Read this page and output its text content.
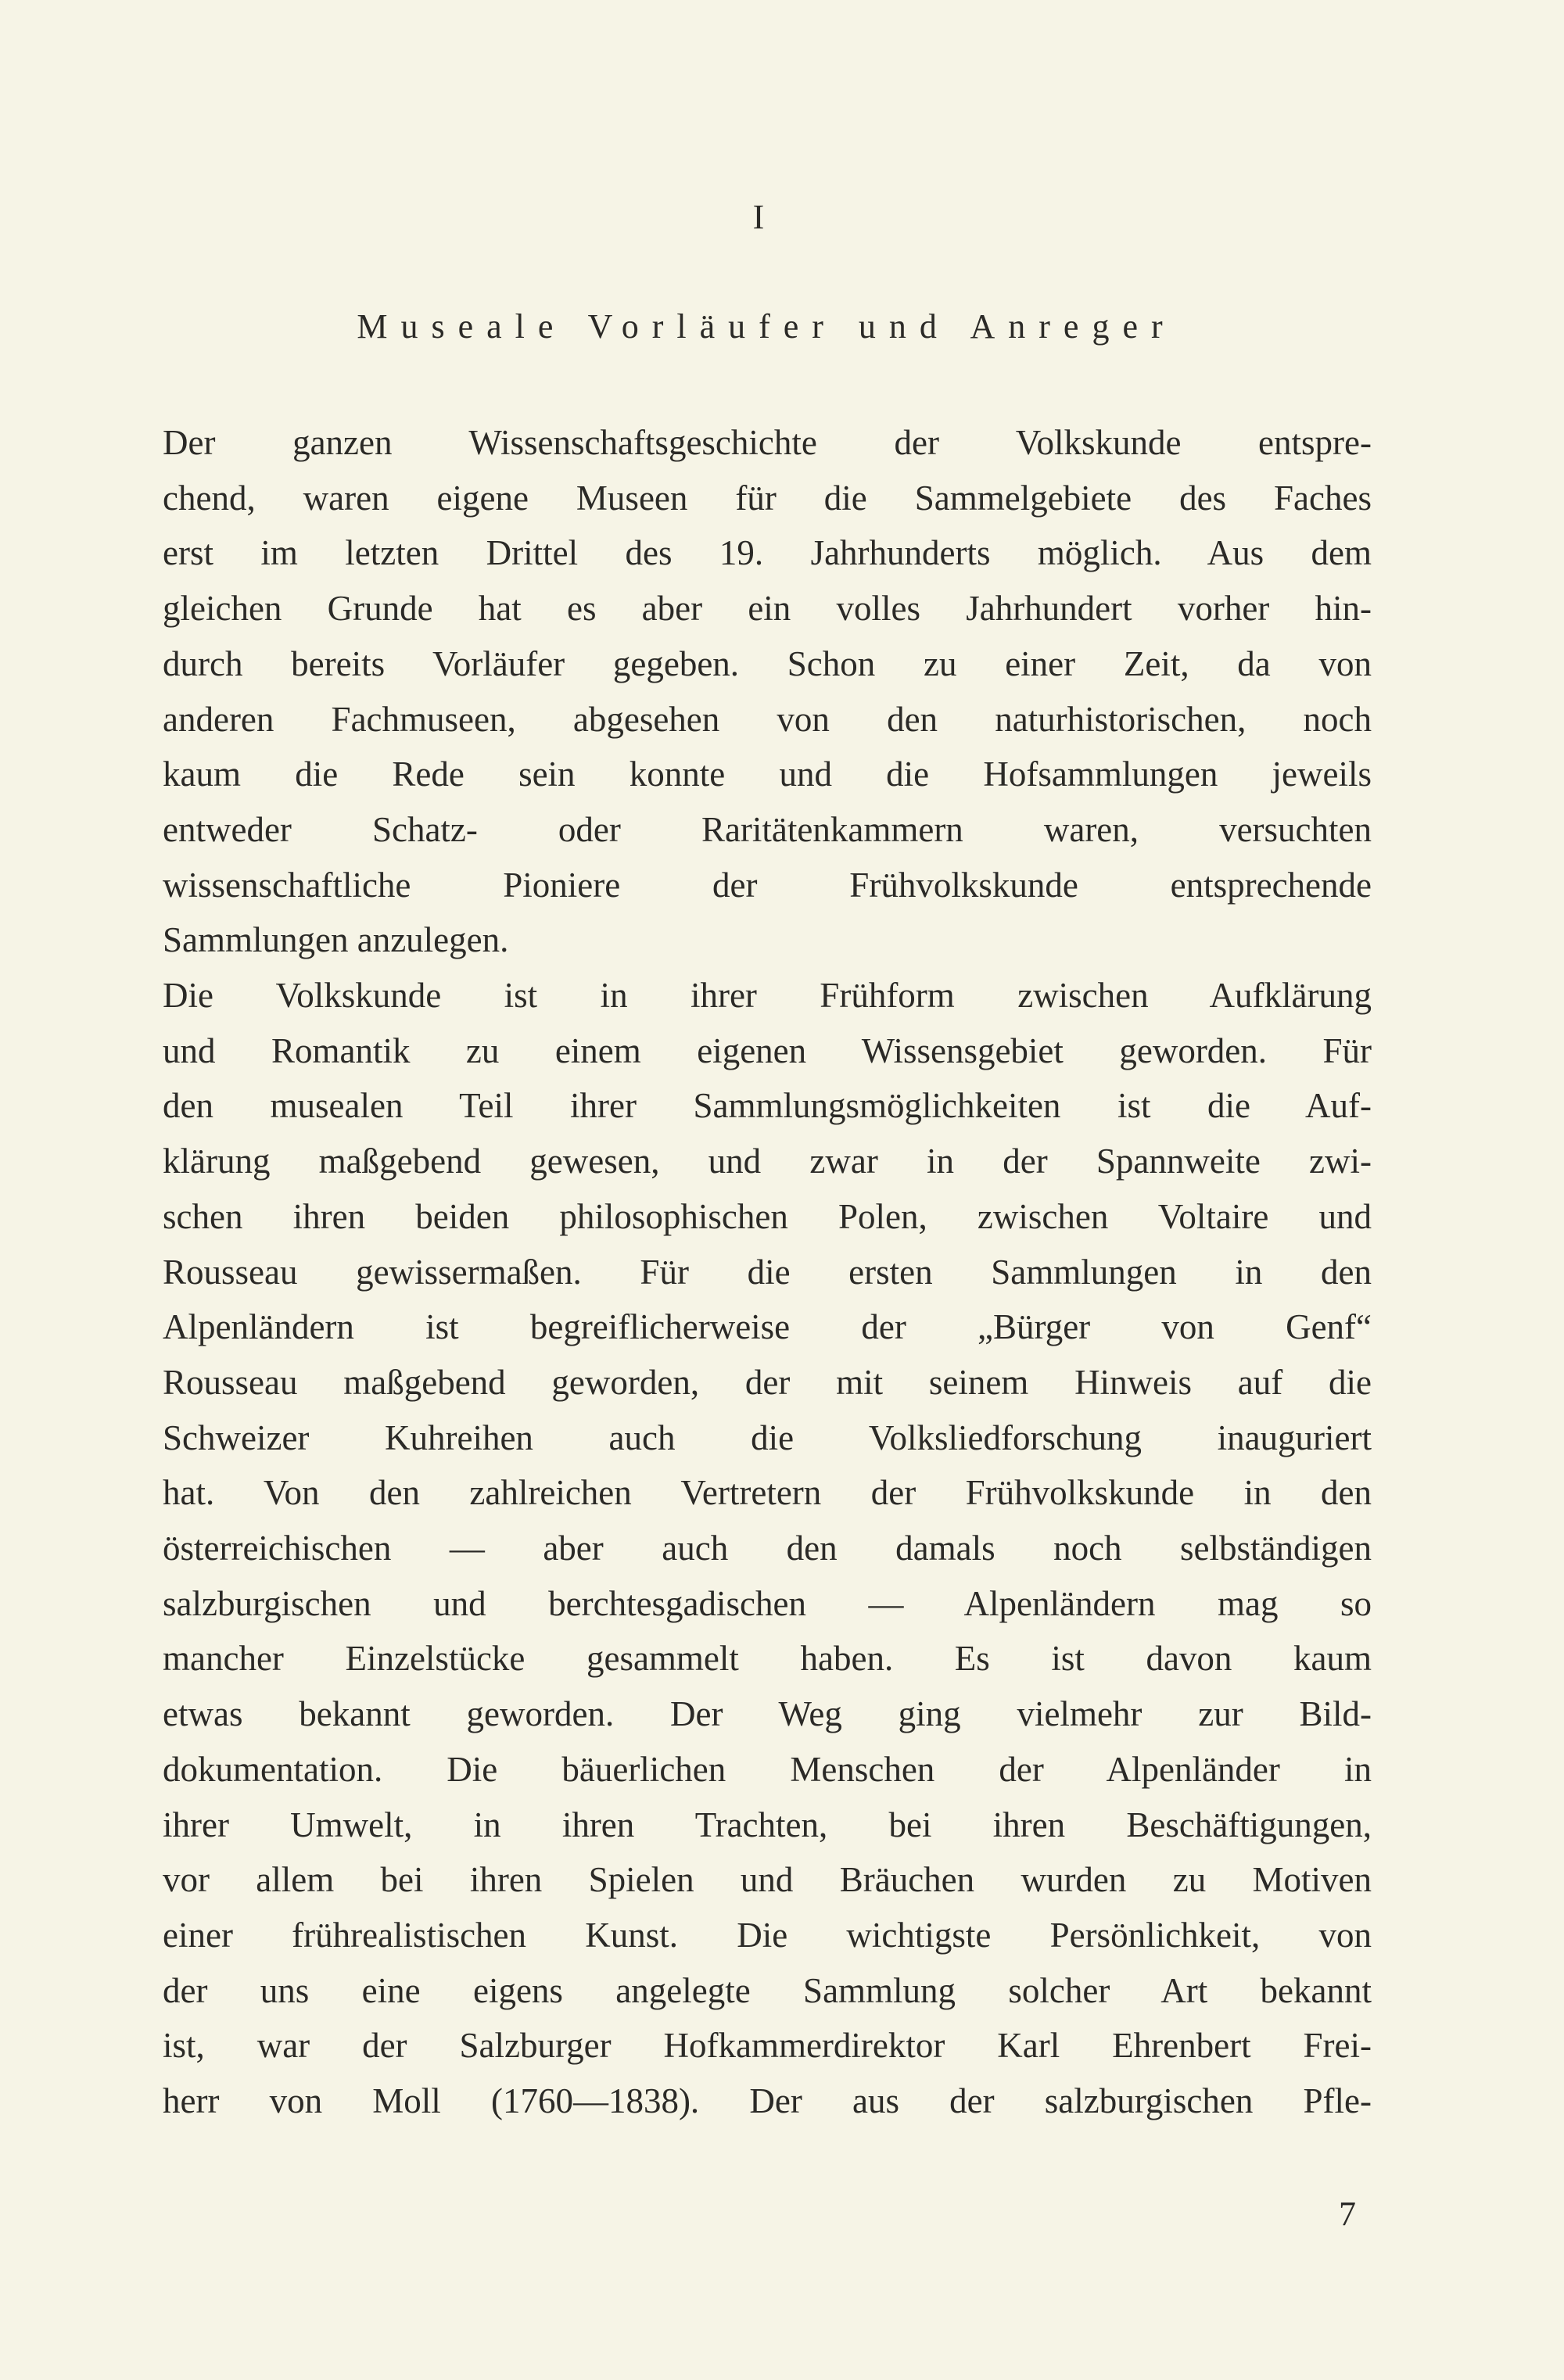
I
Museale Vorläufer und Anreger
Der ganzen Wissenschaftsgeschichte der Volkskunde entspre-
chend, waren eigene Museen für die Sammelgebiete des Faches
erst im letzten Drittel des 19. Jahrhunderts möglich. Aus dem
gleichen Grunde hat es aber ein volles Jahrhundert vorher hin-
durch bereits Vorläufer gegeben. Schon zu einer Zeit, da von
anderen Fachmuseen, abgesehen von den naturhistorischen, noch
kaum die Rede sein konnte und die Hofsammlungen jeweils
entweder Schatz- oder Raritätenkammern waren, versuchten
wissenschaftliche Pioniere der Frühvolkskunde entsprechende
Sammlungen anzulegen.
Die Volkskunde ist in ihrer Frühform zwischen Aufklärung
und Romantik zu einem eigenen Wissensgebiet geworden. Für
den musealen Teil ihrer Sammlungsmöglichkeiten ist die Auf-
klärung maßgebend gewesen, und zwar in der Spannweite zwi-
schen ihren beiden philosophischen Polen, zwischen Voltaire und
Rousseau gewissermaßen. Für die ersten Sammlungen in den
Alpenländern ist begreiflicherweise der „Bürger von Genf“
Rousseau maßgebend geworden, der mit seinem Hinweis auf die
Schweizer Kuhreihen auch die Volksliedforschung inauguriert
hat. Von den zahlreichen Vertretern der Frühvolkskunde in den
österreichischen — aber auch den damals noch selbständigen
salzburgischen und berchtesgadischen — Alpenländern mag so
mancher Einzelstücke gesammelt haben. Es ist davon kaum
etwas bekannt geworden. Der Weg ging vielmehr zur Bild-
dokumentation. Die bäuerlichen Menschen der Alpenländer in
ihrer Umwelt, in ihren Trachten, bei ihren Beschäftigungen,
vor allem bei ihren Spielen und Bräuchen wurden zu Motiven
einer frührealistischen Kunst. Die wichtigste Persönlichkeit, von
der uns eine eigens angelegte Sammlung solcher Art bekannt
ist, war der Salzburger Hofkammerdirektor Karl Ehrenbert Frei-
herr von Moll (1760—1838). Der aus der salzburgischen Pfle-
7
